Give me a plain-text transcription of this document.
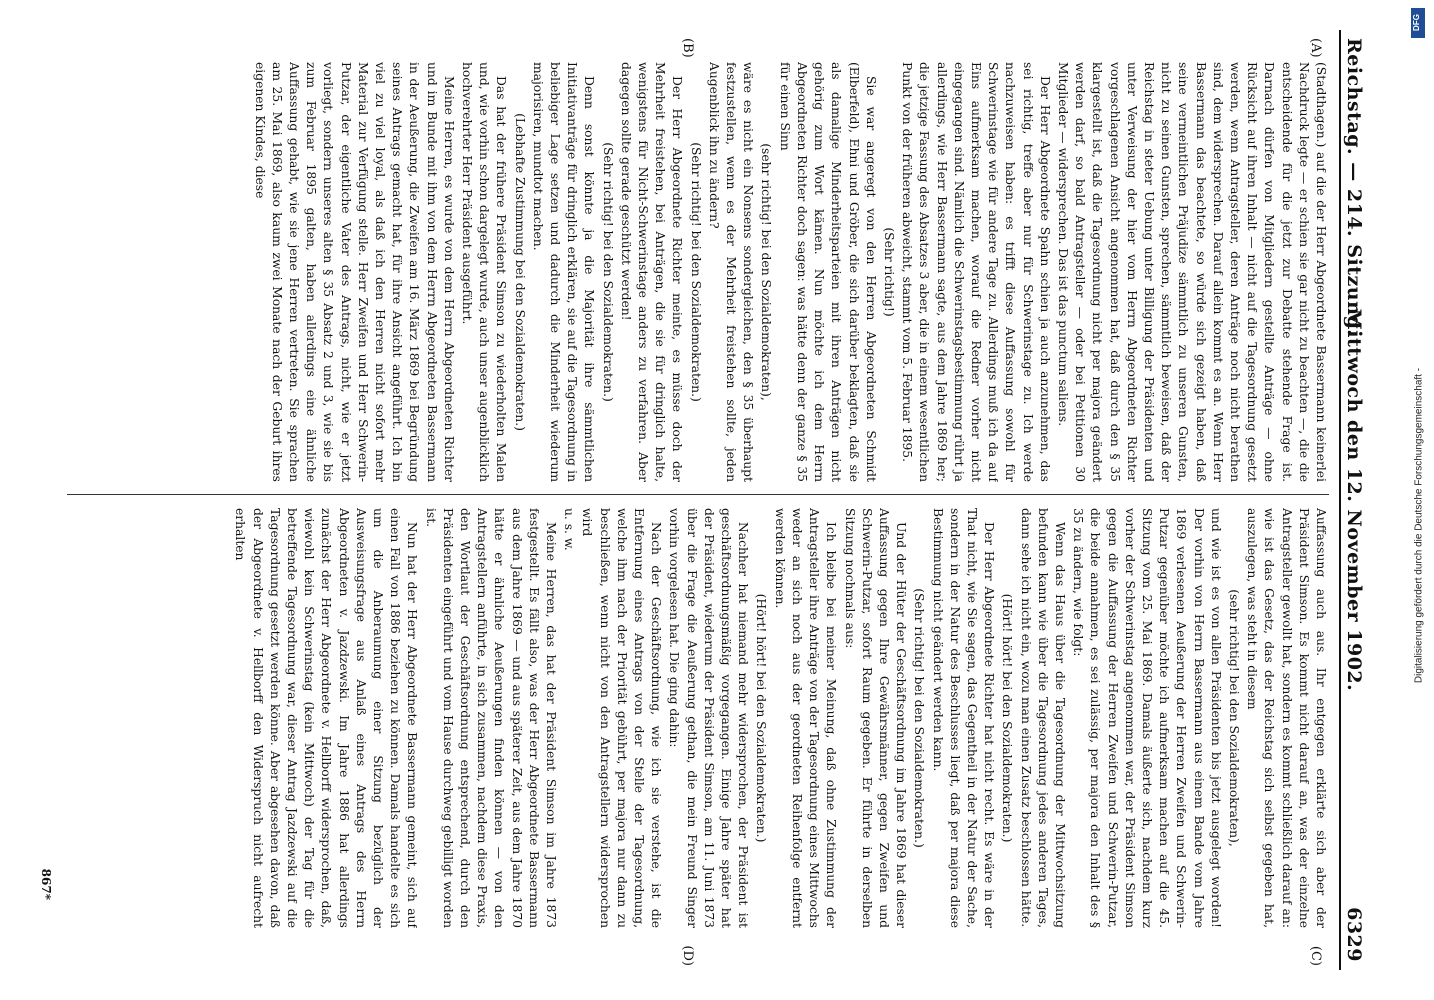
Reichstag. — 214. Sitzung.
Mittwoch den 12. November 1902.
6329
(A)
(B)
(C)
(D)

(Stadthagen.) auf die der Herr Abgeordnete Bassermann keinerlei Nachdruck legte — er schien sie gar nicht zu beachten —, die die entscheidende für die jetzt zur Debatte stehende Frage ist. Darnach dürfen von Mitgliedern gestellte Anträge — ohne Rücksicht auf ihren Inhalt — nicht auf die Tagesordnung gesetzt werden, wenn Antragsteller, deren Anträge noch nicht berathen sind, dem widersprechen. Darauf allein kommt es an. Wenn Herr Bassermann das beachtete, so würde sich gezeigt haben, daß seine vermeintlichen Präjudize sämmtlich zu unseren Gunsten, nicht zu seinen Gunsten, sprechen, sämmtlich beweisen, daß der Reichstag in steter Uebung unter Billigung der Präsidenten und unter Verweisung der hier vom Herrn Abgeordneten Richter vorgeschlagenen Ansicht angenommen hat, daß durch den § 35 klargestellt ist, daß die Tagesordnung nicht per majora geändert werden darf, so bald Antragsteller — oder bei Petitionen 30 Mitglieder — widersprechen. Das ist das punctum saliens.

Der Herr Abgeordnete Spahn schien ja auch anzunehmen, das sei richtig, treffe aber nur für Schwerinstage zu. Ich werde nachzuweisen haben: es trifft diese Auffassung sowohl für Schwerinstage wie für andere Tage zu. Allerdings muß ich da auf Eins aufmerksam machen, worauf die Redner vorher nicht eingegangen sind. Nämlich die Schwerinstagsbestimmung rührt ja allerdings, wie Herr Bassermann sagte, aus dem Jahre 1869 her; die jetzige Fassung des Absatzes 3 aber, die in einem wesentlichen Punkt von der früheren abweicht, stammt vom 5. Februar 1895.

(Sehr richtig!)

Sie war angeregt von den Herren Abgeordneten Schmidt (Elberfeld), Ehni und Gröber, die sich darüber beklagten, daß sie als damalige Minderheitsparteien mit ihren Anträgen nicht gehörig zum Wort kämen. Nun möchte ich dem Herrn Abgeordneten Richter doch sagen: was hätte denn der ganze § 35 für einen Sinn

(sehr richtig! bei den Sozialdemokraten),

wäre es nicht ein Nonsens sondergleichen, den § 35 überhaupt festzustellen, wenn es der Mehrheit freistehen sollte, jeden Augenblick ihn zu ändern?

(Sehr richtig! bei den Sozialdemokraten.)

Der Herr Abgeordnete Richter meinte, es müsse doch der Mehrheit freistehen, bei Anträgen, die sie für dringlich halte, wenigstens für Nicht-Schwerinstage anders zu verfahren. Aber dagegen sollte gerade geschützt werden!

(Sehr richtig! bei den Sozialdemokraten.)

Denn sonst könnte ja die Majorität ihre sämmtlichen Initiativanträge für dringlich erklären, sie auf die Tagesordnung in beliebiger Lage setzen und dadurch die Minderheit wiederum majorisiren, mundtot machen.

(Lebhafte Zustimmung bei den Sozialdemokraten.)

Das hat der frühere Präsident Simson zu wiederholten Malen und, wie vorhin schon dargelegt wurde, auch unser augenblicklich hochverehrter Herr Präsident ausgeführt.

Meine Herren, es wurde von dem Herrn Abgeordneten Richter und im Bunde mit ihm von dem Herrn Abgeordneten Bassermann in der Aeußerung, die Zweifen am 16. März 1869 bei Begründung seines Antrags gemacht hat, für ihre Ansicht angeführt. Ich bin viel zu viel loyal, als daß ich den Herren nicht sofort mehr Material zur Verfügung stelle. Herr Zweifen und Herr Schwerin-Putzar, der eigentliche Vater des Antrags, nicht, wie er jetzt vorliegt, sondern unseres alten § 35 Absatz 2 und 3, wie sie bis zum Februar 1895 galten, haben allerdings eine ähnliche Auffassung gehabt, wie sie jene Herren vertreten. Sie sprachen am 25. Mai 1869, also kaum zwei Monate nach der Geburt ihres eigenen Kindes, diese

Auffassung auch aus. Ihr entgegen erklärte sich aber der Präsident Simson. Es kommt nicht darauf an, was der einzelne Antragsteller gewollt hat, sondern es kommt schließlich darauf an: wie ist das Gesetz, das der Reichstag sich selbst gegeben hat, auszulegen, was steht in diesem

(sehr richtig! bei den Sozialdemokraten),

und wie ist es von allen Präsidenten bis jetzt ausgelegt worden! Der vorhin von Herrn Bassermann aus einem Bande vom Jahre 1869 verlesenen Aeußerung der Herren Zweifen und Schwerin-Putzar gegenüber möchte ich aufmerksam machen auf die 45. Sitzung vom 25. Mai 1869. Damals äußerte sich, nachdem kurz vorher der Schwerinstag angenommen war, der Präsident Simson gegen die Auffassung der Herren Zweifen und Schwerin-Putzar, die beide annahmen, es sei zulässig, per majora den Inhalt des § 35 zu ändern, wie folgt:

Wenn das Haus über die Tagesordnung der Mittwochsitzung befunden kann wie über die Tagesordnung jedes anderen Tages, dann sehe ich nicht ein, wozu man einen Zusatz beschlossen hätte.

(Hört! hört! bei den Sozialdemokraten.)

Der Herr Abgeordnete Richter hat nicht recht. Es wäre in der That nicht, wie Sie sagen, das Gegentheil in der Natur der Sache, sondern in der Natur des Beschlusses liegt, daß per majora diese Bestimmung nicht geändert werden kann.

(Sehr richtig! bei den Sozialdemokraten.)

Und der Hüter der Geschäftsordnung im Jahre 1869 hat dieser Auffassung gegen Ihre Gewährsmänner, gegen Zweifen und Schwerin-Putzar, sofort Raum gegeben. Er führte in derselben Sitzung nochmals aus:

Ich bleibe bei meiner Meinung, daß ohne Zustimmung der Antragsteller ihre Anträge von der Tagesordnung eines Mittwochs weder an sich noch aus der geordneten Reihenfolge entfernt werden können.

(Hört! hört! bei den Sozialdemokraten.)

Nachher hat niemand mehr widersprochen, der Präsident ist geschäftsordnungsmäßig vorgegangen. Einige Jahre später hat der Präsident, wiederum der Präsident Simson, am 11. Juni 1873 über die Frage die Aeußerung gethan, die mein Freund Singer vorhin vorgelesen hat. Die ging dahin:

Nach der Geschäftsordnung, wie ich sie verstehe, ist die Entfernung eines Antrags von der Stelle der Tagesordnung, welche ihm nach der Priorität gebührt, per majora nur dann zu beschließen, wenn nicht von den Antragstellern widersprochen wird

u. s. w.

Meine Herren, das hat der Präsident Simson im Jahre 1873 festgestellt. Es fällt also, was der Herr Abgeordnete Bassermann aus dem Jahre 1869 — und aus späterer Zeit, aus dem Jahre 1870 hätte er ähnliche Aeußerungen finden können — von den Antragstellern anführte, in sich zusammen, nachdem diese Praxis, den Wortlaut der Geschäftsordnung entsprechend, durch den Präsidenten eingeführt und vom Hause durchweg gebilligt worden ist.

Nun hat der Herr Abgeordnete Bassermann gemeint, sich auf einen Fall von 1886 beziehen zu können. Damals handelte es sich um die Anberaumung einer Sitzung bezüglich der Ausweisungsfrage aus Anlaß eines Antrags des Herrn Abgeordneten v. Jazdzewski. Im Jahre 1886 hat allerdings zunächst der Herr Abgeordnete v. Hellborff widersprochen, daß, wiewohl kein Schwerinstag (kein Mittwoch) der Tag für die betreffende Tagesordnung war, dieser Antrag Jazdzewski auf die Tagesordnung gesetzt werden könne. Aber abgesehen davon, daß der Abgeordnete v. Hellborff den Widerspruch nicht aufrecht erhalten

867*
DFG
Digitalisierung gefördert durch die Deutsche Forschungsgemeinschaft -
